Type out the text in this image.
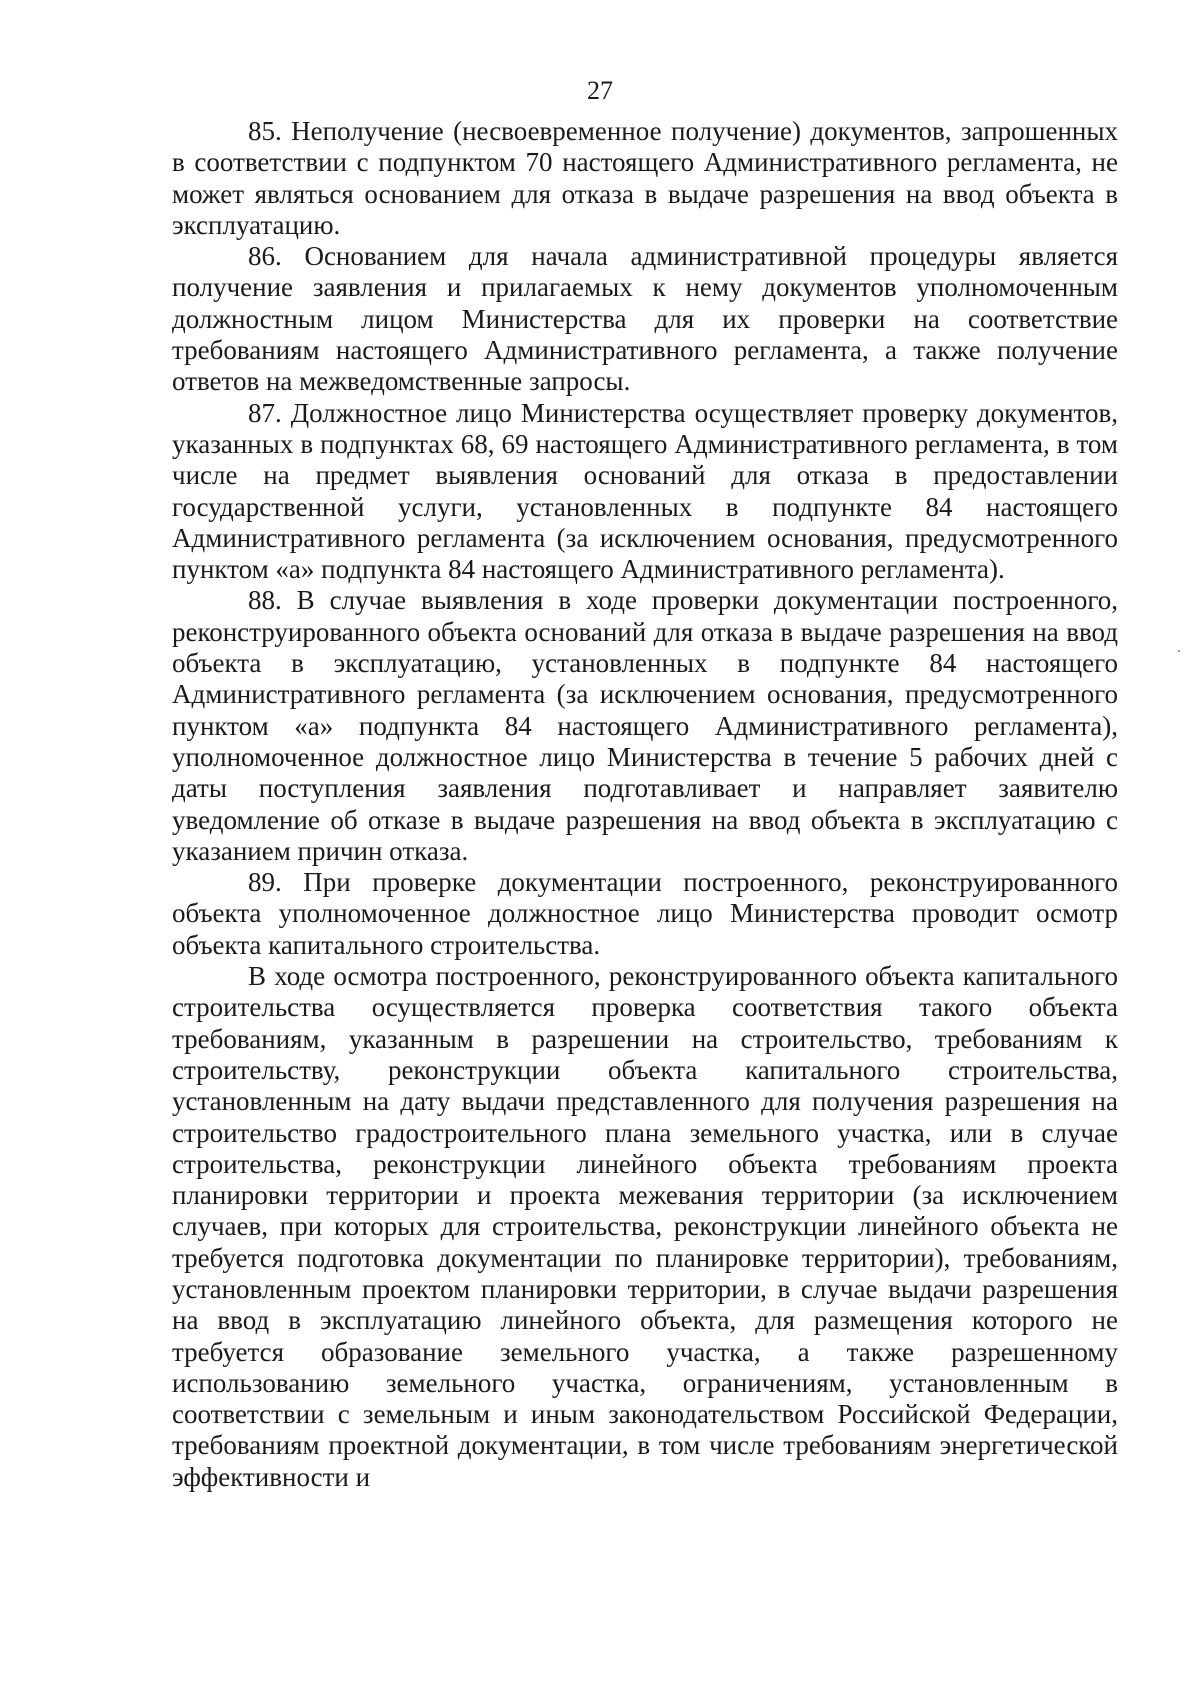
27

85. Неполучение (несвоевременное получение) документов, запрошенных в соответствии с подпунктом 70 настоящего Административного регламента, не может являться основанием для отказа в выдаче разрешения на ввод объекта в эксплуатацию.

86. Основанием для начала административной процедуры является получение заявления и прилагаемых к нему документов уполномоченным должностным лицом Министерства для их проверки на соответствие требованиям настоящего Административного регламента, а также получение ответов на межведомственные запросы.

87. Должностное лицо Министерства осуществляет проверку документов, указанных в подпунктах 68, 69 настоящего Административного регламента, в том числе на предмет выявления оснований для отказа в предоставлении государственной услуги, установленных в подпункте 84 настоящего Административного регламента (за исключением основания, предусмотренного пунктом «а» подпункта 84 настоящего Административного регламента).

88. В случае выявления в ходе проверки документации построенного, реконструированного объекта оснований для отказа в выдаче разрешения на ввод объекта в эксплуатацию, установленных в подпункте 84 настоящего Административного регламента (за исключением основания, предусмотренного пунктом «а» подпункта 84 настоящего Административного регламента), уполномоченное должностное лицо Министерства в течение 5 рабочих дней с даты поступления заявления подготавливает и направляет заявителю уведомление об отказе в выдаче разрешения на ввод объекта в эксплуатацию с указанием причин отказа.

89. При проверке документации построенного, реконструированного объекта уполномоченное должностное лицо Министерства проводит осмотр объекта капитального строительства.

В ходе осмотра построенного, реконструированного объекта капитального строительства осуществляется проверка соответствия такого объекта требованиям, указанным в разрешении на строительство, требованиям к строительству, реконструкции объекта капитального строительства, установленным на дату выдачи представленного для получения разрешения на строительство градостроительного плана земельного участка, или в случае строительства, реконструкции линейного объекта требованиям проекта планировки территории и проекта межевания территории (за исключением случаев, при которых для строительства, реконструкции линейного объекта не требуется подготовка документации по планировке территории), требованиям, установленным проектом планировки территории, в случае выдачи разрешения на ввод в эксплуатацию линейного объекта, для размещения которого не требуется образование земельного участка, а также разрешенному использованию земельного участка, ограничениям, установленным в соответствии с земельным и иным законодательством Российской Федерации, требованиям проектной документации, в том числе требованиям энергетической эффективности и
